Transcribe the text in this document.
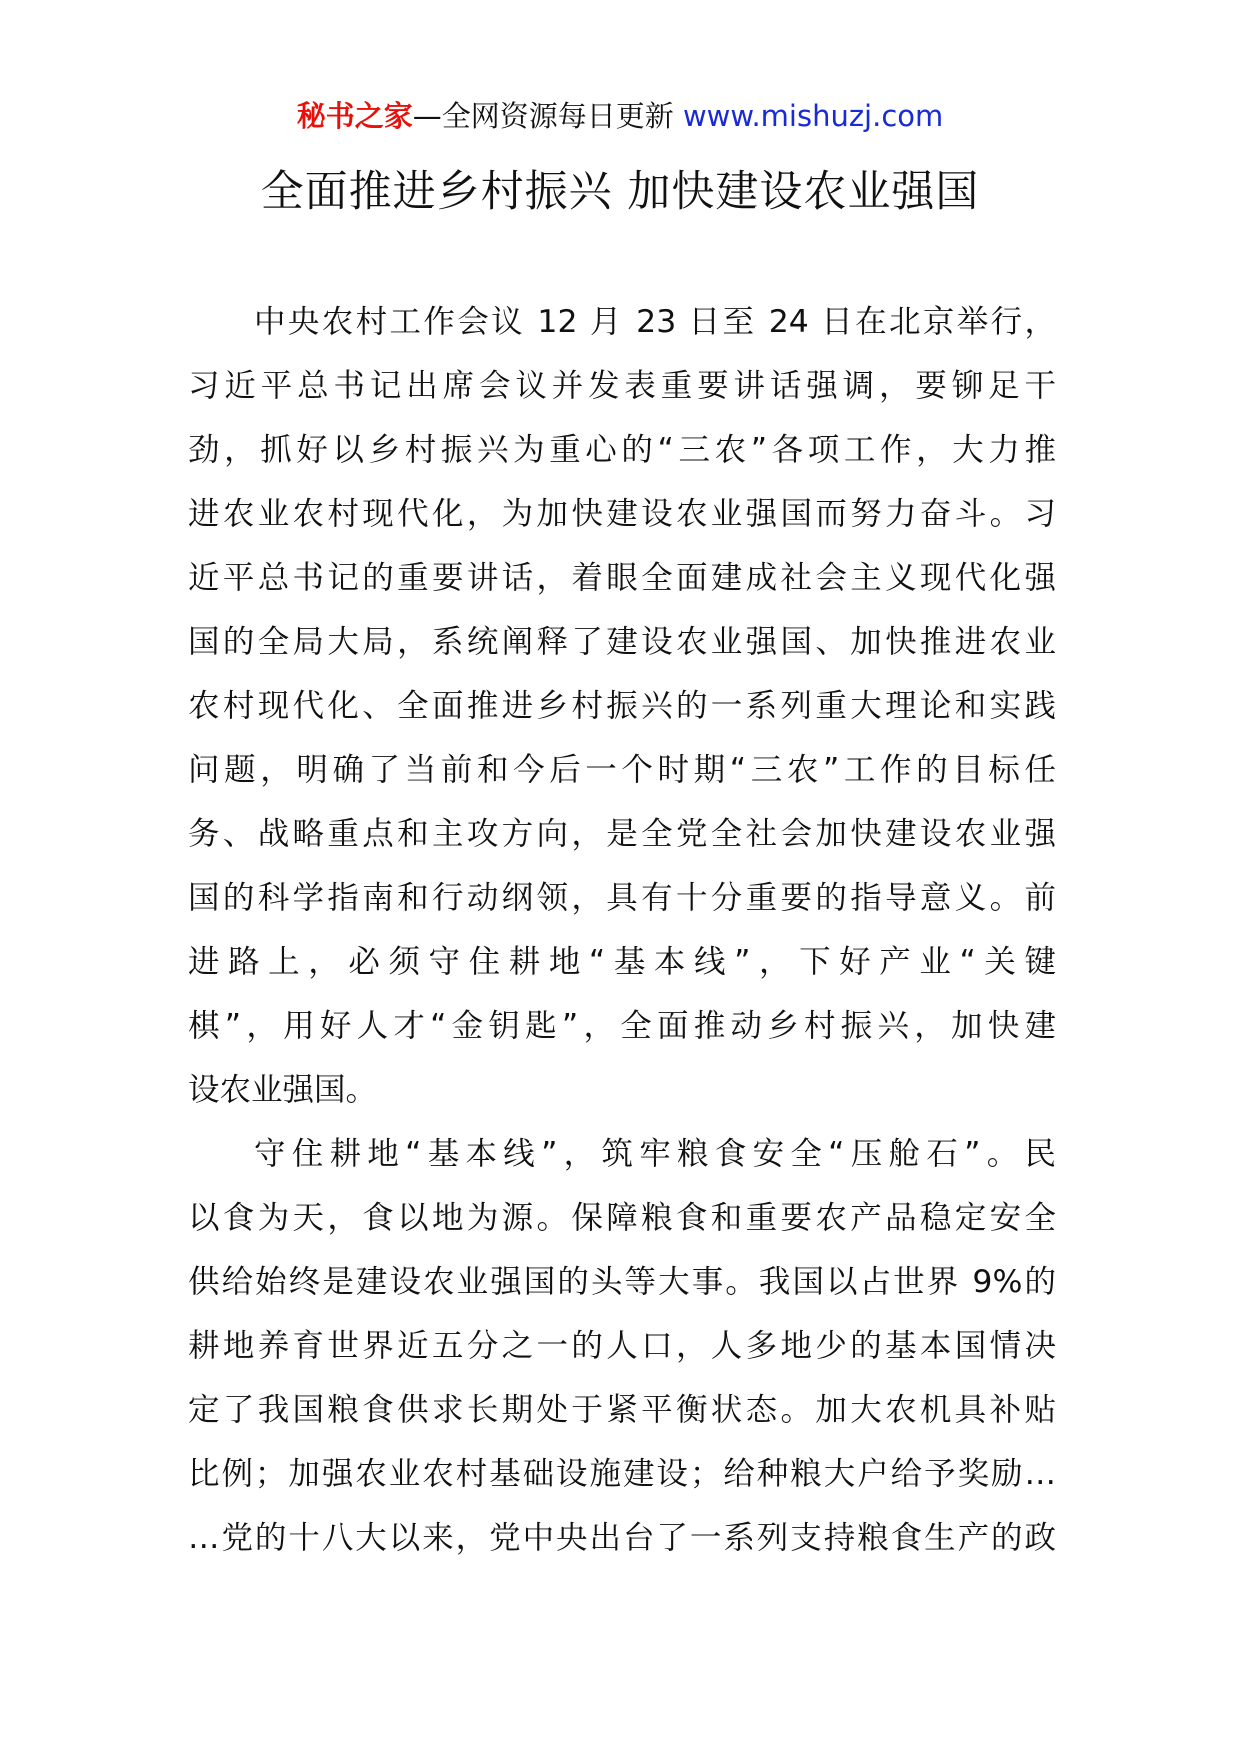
秘书之家—全网资源每日更新 www.mishuzj.com
全面推进乡村振兴 加快建设农业强国
中央农村工作会议 12 月 23 日至 24 日在北京举行，
习近平总书记出席会议并发表重要讲话强调，要铆足干
劲，抓好以乡村振兴为重心的“三农”各项工作，大力推
进农业农村现代化，为加快建设农业强国而努力奋斗。习
近平总书记的重要讲话，着眼全面建成社会主义现代化强
国的全局大局，系统阐释了建设农业强国、加快推进农业
农村现代化、全面推进乡村振兴的一系列重大理论和实践
问题，明确了当前和今后一个时期“三农”工作的目标任
务、战略重点和主攻方向，是全党全社会加快建设农业强
国的科学指南和行动纲领，具有十分重要的指导意义。前
进路上，必须守住耕地“基本线”，下好产业“关键
棋”，用好人才“金钥匙”，全面推动乡村振兴，加快建
设农业强国。
守住耕地“基本线”，筑牢粮食安全“压舱石”。民
以食为天，食以地为源。保障粮食和重要农产品稳定安全
供给始终是建设农业强国的头等大事。我国以占世界 9%的
耕地养育世界近五分之一的人口，人多地少的基本国情决
定了我国粮食供求长期处于紧平衡状态。加大农机具补贴
比例；加强农业农村基础设施建设；给种粮大户给予奖励…
…党的十八大以来，党中央出台了一系列支持粮食生产的政
